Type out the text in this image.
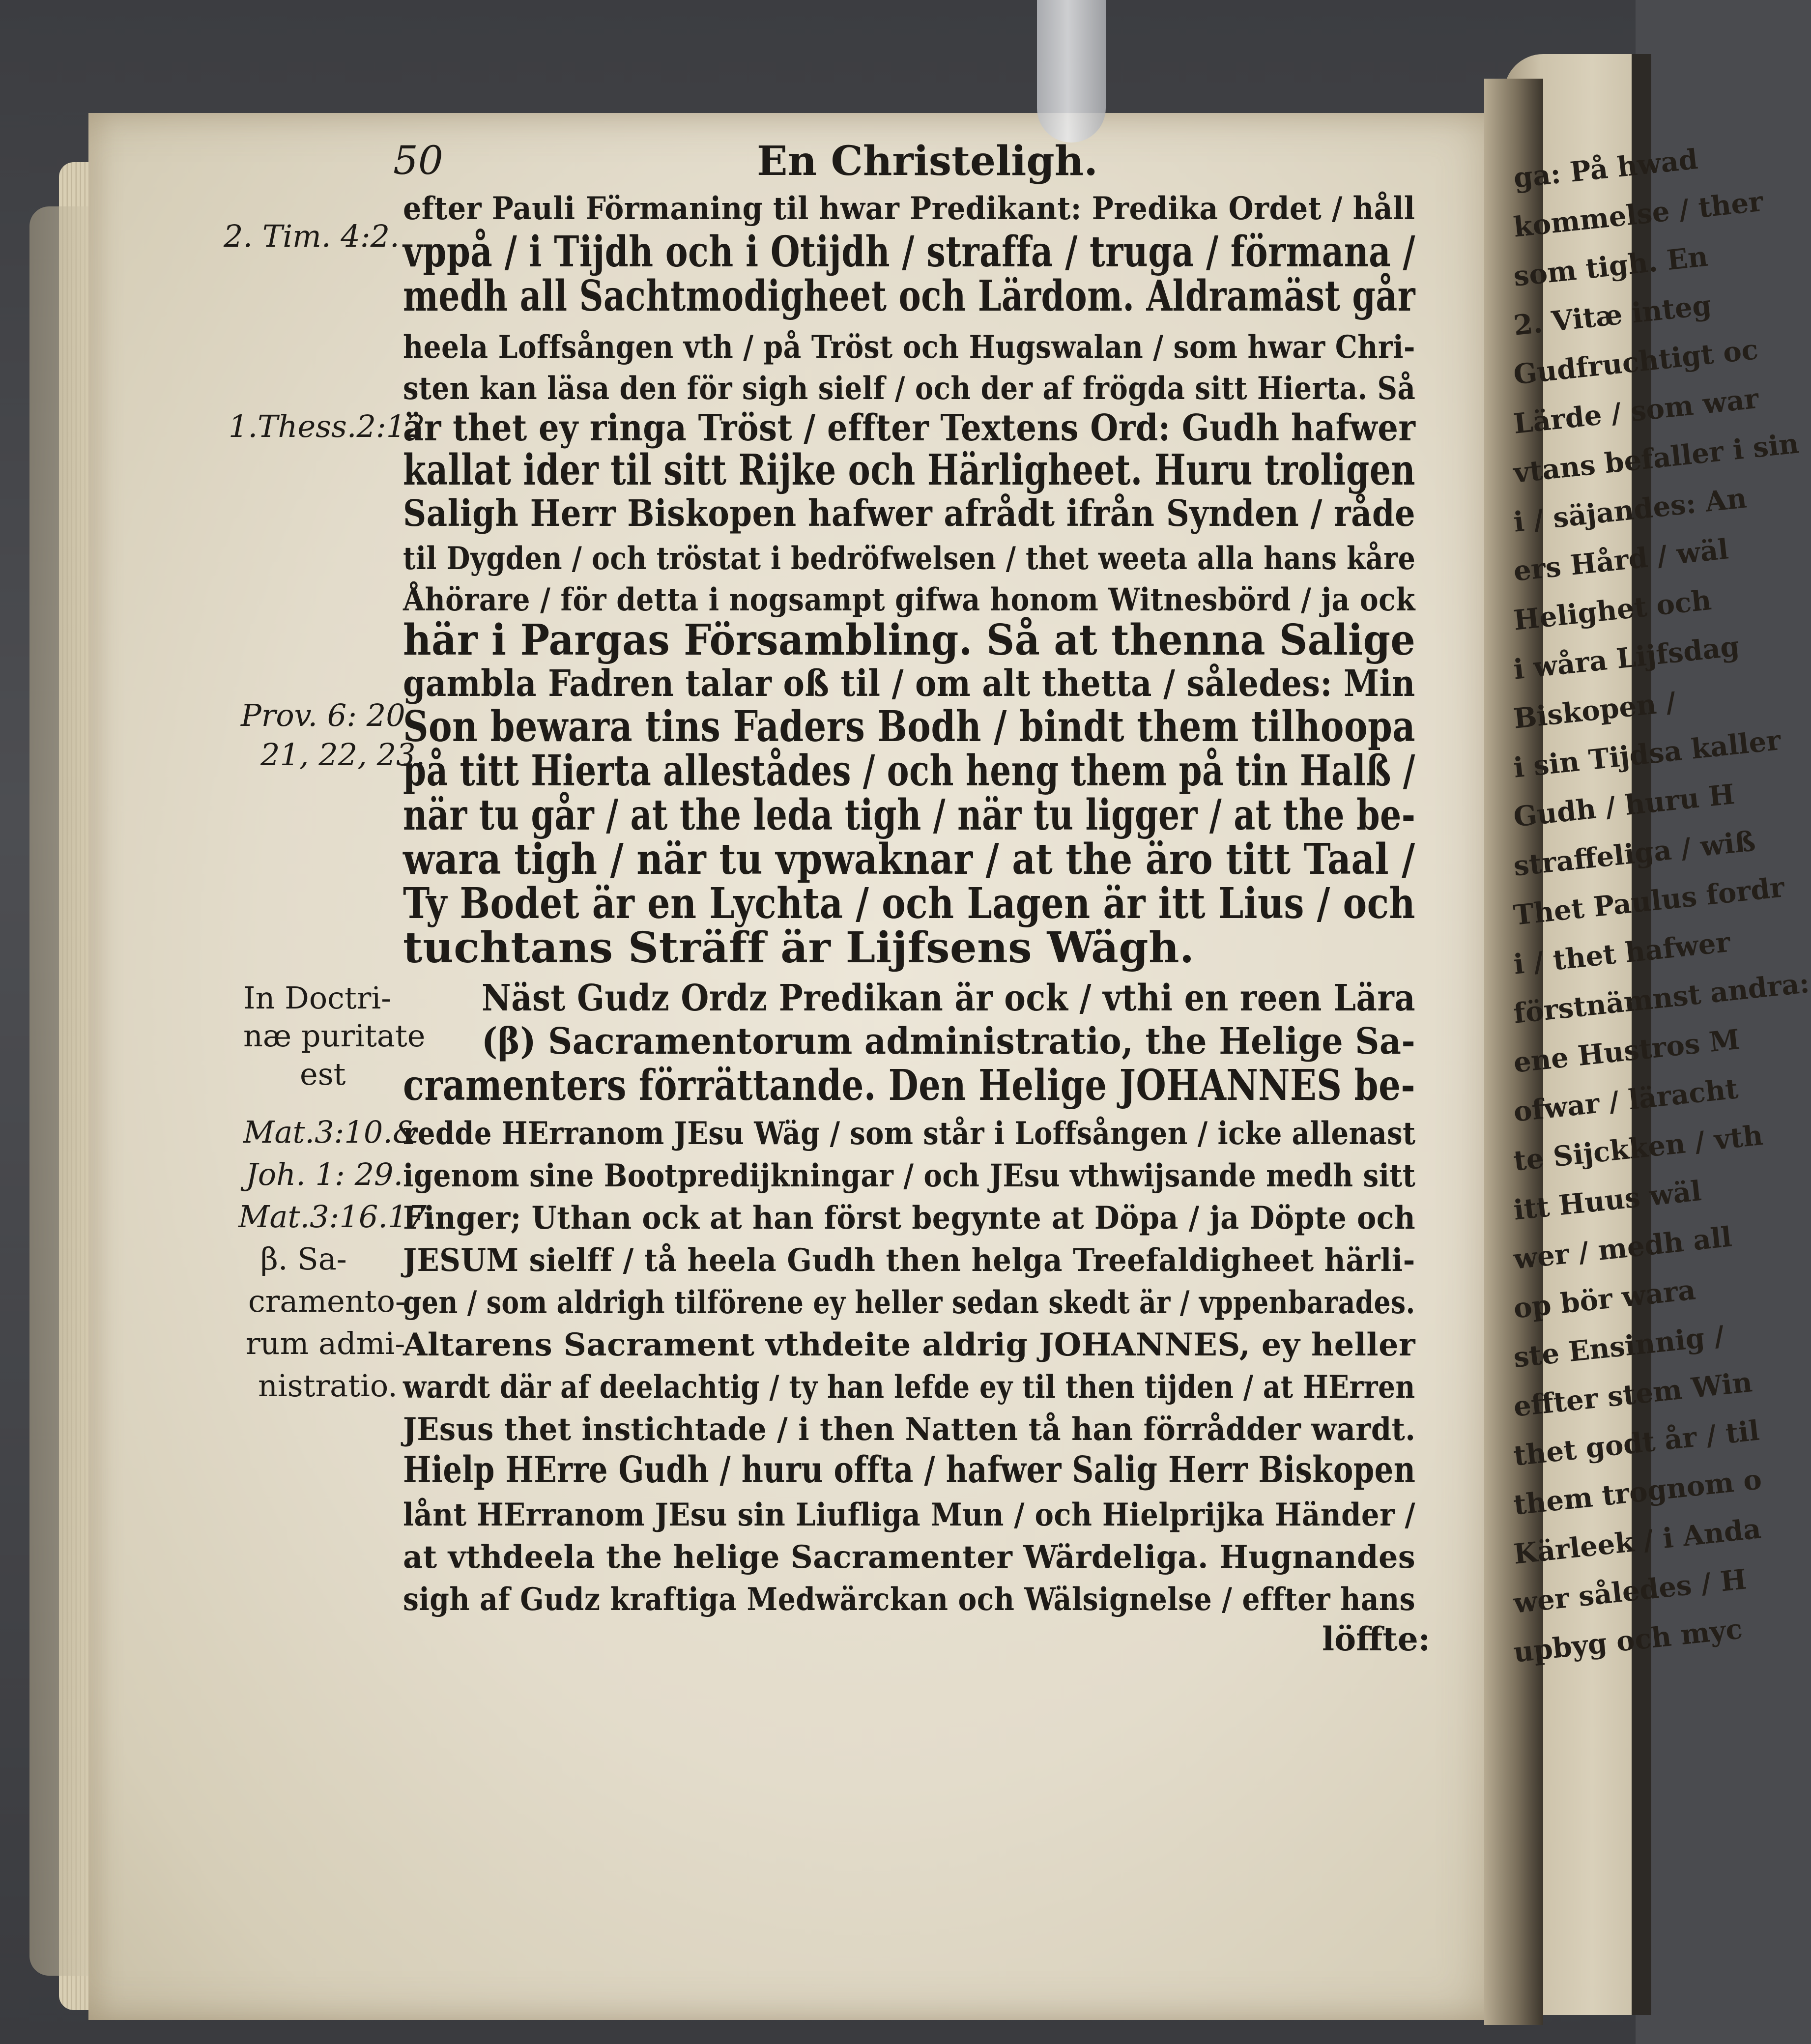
50	En Christeligh.
efter Pauli Förmaning til hwar Predikant: Predika Ordet / håll
vppå / i Tijdh och i Otijdh / straffa / truga / förmana /
medh all Sachtmodigheet och Lärdom. Aldramäst går
heela Loffsången vth / på Tröst och Hugswalan / som hwar Chri-
sten kan läsa den för sigh sielf / och der af frögda sitt Hierta. Så
är thet ey ringa Tröst / effter Textens Ord: Gudh hafwer
kallat ider til sitt Rijke och Härligheet. Huru troligen
Saligh Herr Biskopen hafwer afrådt ifrån Synden / råde
til Dygden / och tröstat i bedröfwelsen / thet weeta alla hans kåre
Åhörare / för detta i nogsampt gifwa honom Witnesbörd / ja ock
här i Pargas Försambling. Så at thenna Salige
gambla Fadren talar oß til / om alt thetta / således: Min
Son bewara tins Faders Bodh / bindt them tilhoopa
på titt Hierta allestådes / och heng them på tin Halß /
när tu går / at the leda tigh / när tu ligger / at the be-
wara tigh / när tu vpwaknar / at the äro titt Taal /
Ty Bodet är en Lychta / och Lagen är itt Lius / och
tuchtans Sträff är Lijfsens Wägh.
Näst Gudz Ordz Predikan är ock / vthi en reen Lära
(β) Sacramentorum administratio, the Helige Sa-
cramenters förrättande. Den Helige JOHANNES be-
redde HErranom JEsu Wäg / som står i Loffsången / icke allenast
igenom sine Bootpredijkningar / och JEsu vthwijsande medh sitt
Finger; Uthan ock at han först begynte at Döpa / ja Döpte och
JESUM sielff / tå heela Gudh then helga Treefaldigheet härli-
gen / som aldrigh tilförene ey heller sedan skedt är / vppenbarades.
Altarens Sacrament vthdeite aldrig JOHANNES, ey heller
wardt där af deelachtig / ty han lefde ey til then tijden / at HErren
JEsus thet instichtade / i then Natten tå han förrådder wardt.
Hielp HErre Gudh / huru offta / hafwer Salig Herr Biskopen
lånt HErranom JEsu sin Liufliga Mun / och Hielprijka Händer /
at vthdeela the helige Sacramenter Wärdeliga. Hugnandes
sigh af Gudz kraftiga Medwärckan och Wälsignelse / effter hans
löffte:
2. Tim. 4:2.
1.Thess.2:12.
Prov. 6: 20.
21, 22, 23.
In Doctri-
næ puritate
est
Mat.3:10.&
Joh. 1: 29.
Mat.3:16.17.
β. Sa-
cramento-
rum admi-
nistratio.
ga: På hwad
kommelse / ther
som tigh. En
2. Vitæ integ
Gudfruchtigt oc
Lärde / som war
vtans befaller i sin
i / säjandes: An
ers Hård / wäl
Helighet och
i wåra Lijfsdag
Biskopen /
i sin Tijdsa kaller
Gudh / huru H
straffeliga / wiß
Thet Paulus fordr
i / thet hafwer
förstnämnst andra:
ene Hustros M
ofwar / läracht
te Sijckken / vth
itt Huus wäl
wer / medh all
op bör wara
ste Ensinnig /
effter stem Win
thet godt år / til
them trognom o
Kärleek / i Anda
wer således / H
upbyg och myc
